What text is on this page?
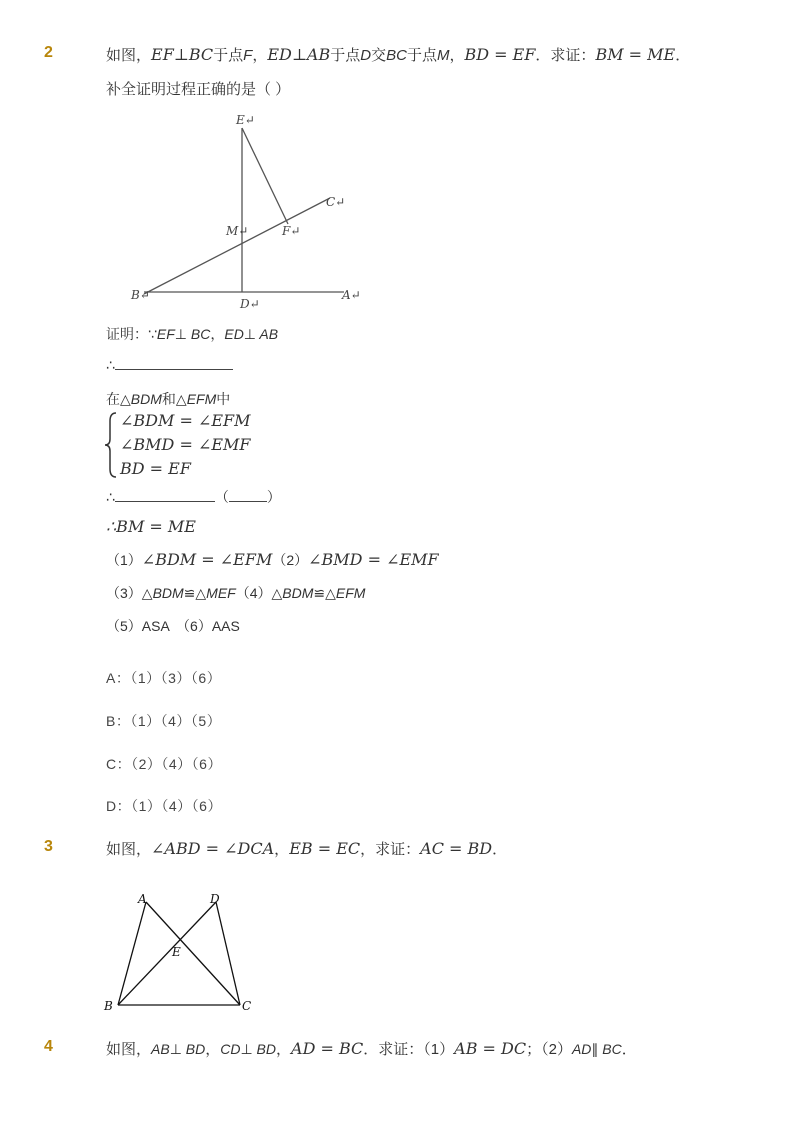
2	如图，EF⊥BC于点F，ED⊥AB于点D交BC于点M，BD = EF．求证：BM = ME．
补全证明过程正确的是（ ）
E↵
C↵
M↵	F↵
B↵
D↵
A↵
证明：∵EF⊥ BC，ED⊥ AB
∴
在△BDM和△EFM中
∠BDM = ∠EFM
∠BMD = ∠EMF
BD = EF
∴	（	）
∴BM = ME
（1）∠BDM = ∠EFM（2）∠BMD = ∠EMF
（3）△BDM≌△MEF（4）△BDM≌△EFM
（5）ASA　（6）AAS
A：（1）（3）（6）
B：（1）（4）（5）
C：（2）（4）（6）
D：（1）（4）（6）
3	如图，∠ABD = ∠DCA，EB = EC，求证：AC = BD．
A	D
E
B	C
4	如图，AB⊥ BD，CD⊥ BD，AD = BC．求证：（1）AB = DC；（2）AD∥ BC．
